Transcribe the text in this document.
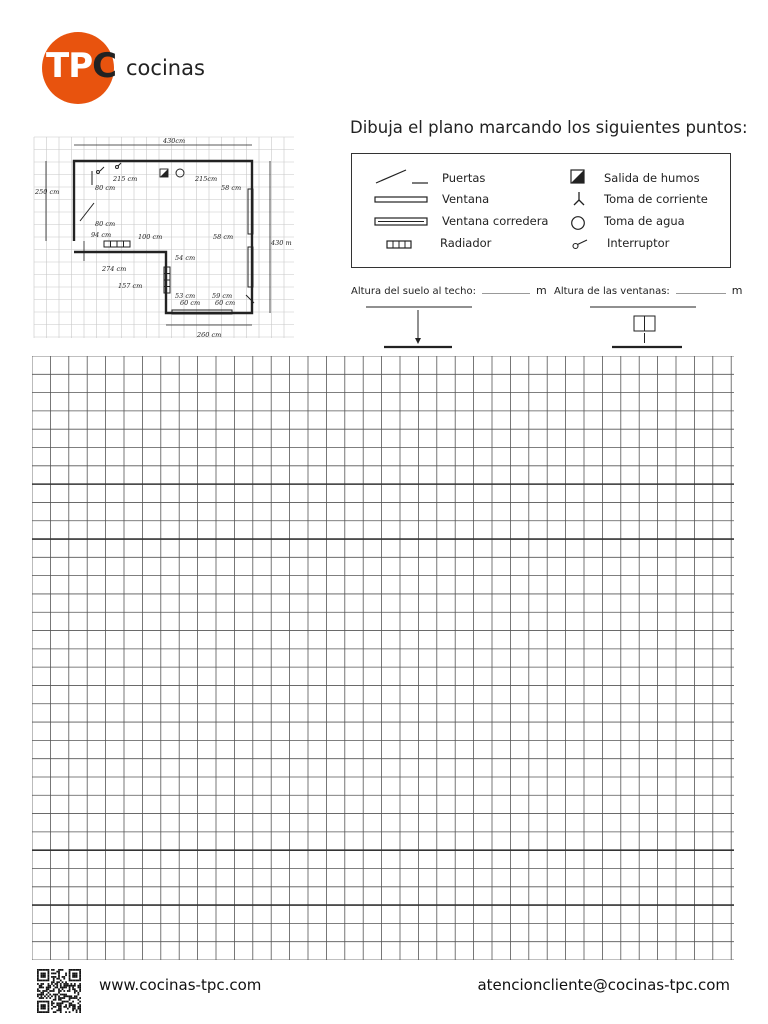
TPC cocinas
Dibuja el plano marcando los siguientes puntos:
Puertas
Ventana
Ventana corredera
Radiador
Salida de humos
Toma de corriente
Toma de agua
Interruptor
Altura del suelo al techo:	m Altura de las ventanas:	m
430cm
250 cm
430 m
260 cm
215 cm	215cm
80 cm	58 cm
80 cm
94 cm	100 cm	58 cm
54 cm
274 cm
157 cm
53 cm	59 cm
60 cm 60 cm
www.cocinas-tpc.com	atencioncliente@cocinas-tpc.com
